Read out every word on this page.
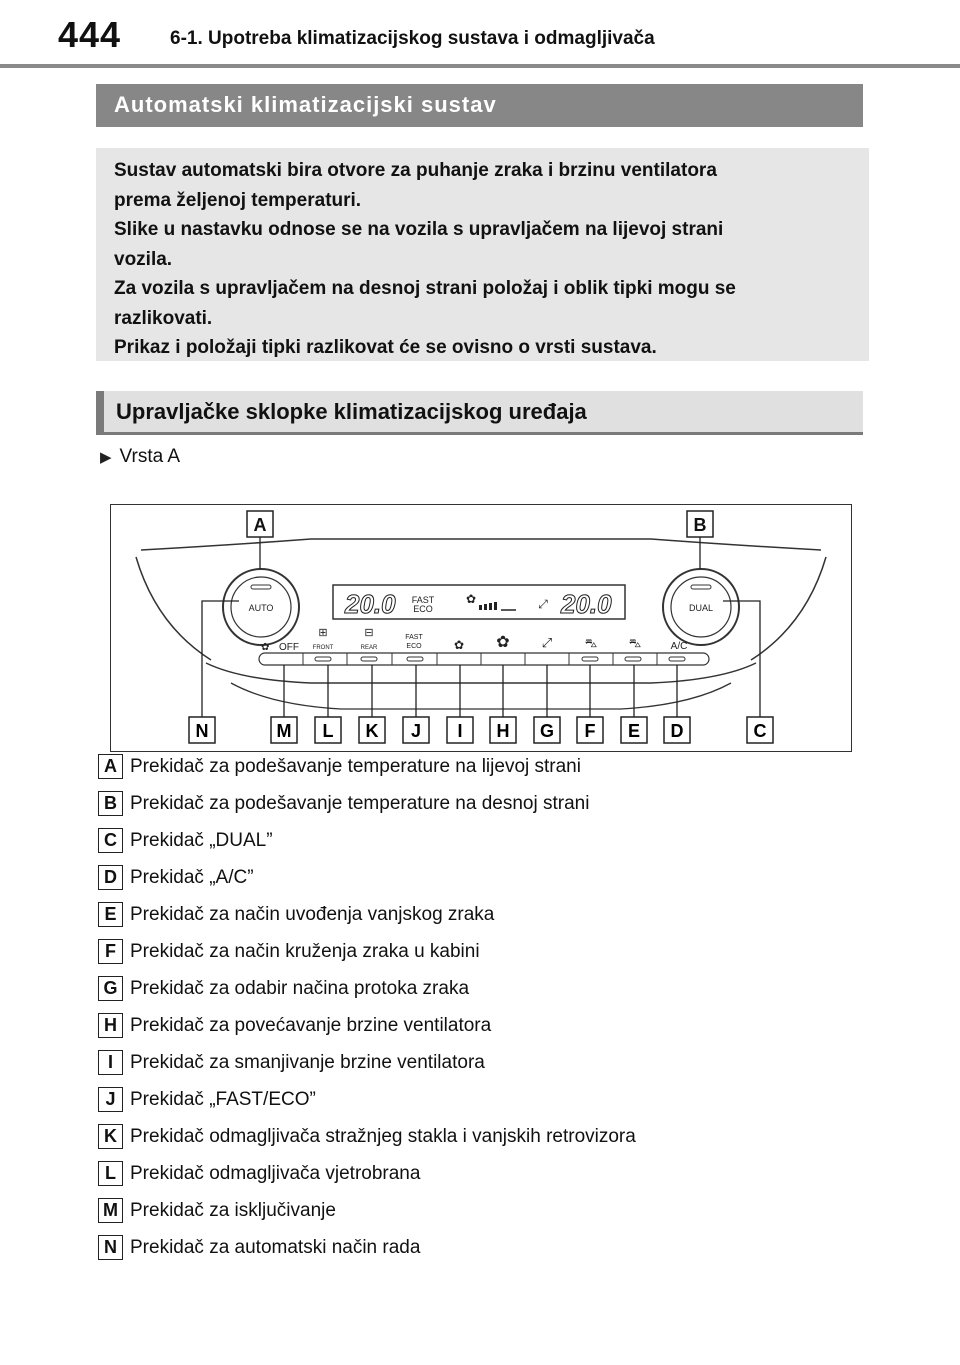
444	6-1. Upotreba klimatizacijskog sustava i odmagljivača
Automatski klimatizacijski sustav

Sustav automatski bira otvore za puhanje zraka i brzinu ventilatora
prema željenoj temperaturi.
Slike u nastavku odnose se na vozila s upravljačem na lijevoj strani
vozila.
Za vozila s upravljačem na desnoj strani položaj i oblik tipki mogu se
razlikovati.
Prikaz i položaji tipki razlikovat će se ovisno o vrsti sustava.

Upravljačke sklopke klimatizacijskog uređaja
▶ Vrsta A
AUTO	DUAL
20.0 FAST
ECO
✿	⤢ 20.0
✿ OFF
⊞
FRONT
⊟
REAR
FAST
ECO	✿ ✿ ⤢	⛍	⛍	A/C
A	B
N	M L K J I H G F E D	C
A Prekidač za podešavanje temperature na lijevoj strani
B Prekidač za podešavanje temperature na desnoj strani
C Prekidač „DUAL”
D Prekidač „A/C”
E Prekidač za način uvođenja vanjskog zraka
F Prekidač za način kruženja zraka u kabini
G Prekidač za odabir načina protoka zraka
H Prekidač za povećavanje brzine ventilatora
I Prekidač za smanjivanje brzine ventilatora
J Prekidač „FAST/ECO”
K Prekidač odmagljivača stražnjeg stakla i vanjskih retrovizora
L Prekidač odmagljivača vjetrobrana
M Prekidač za isključivanje
N Prekidač za automatski način rada
